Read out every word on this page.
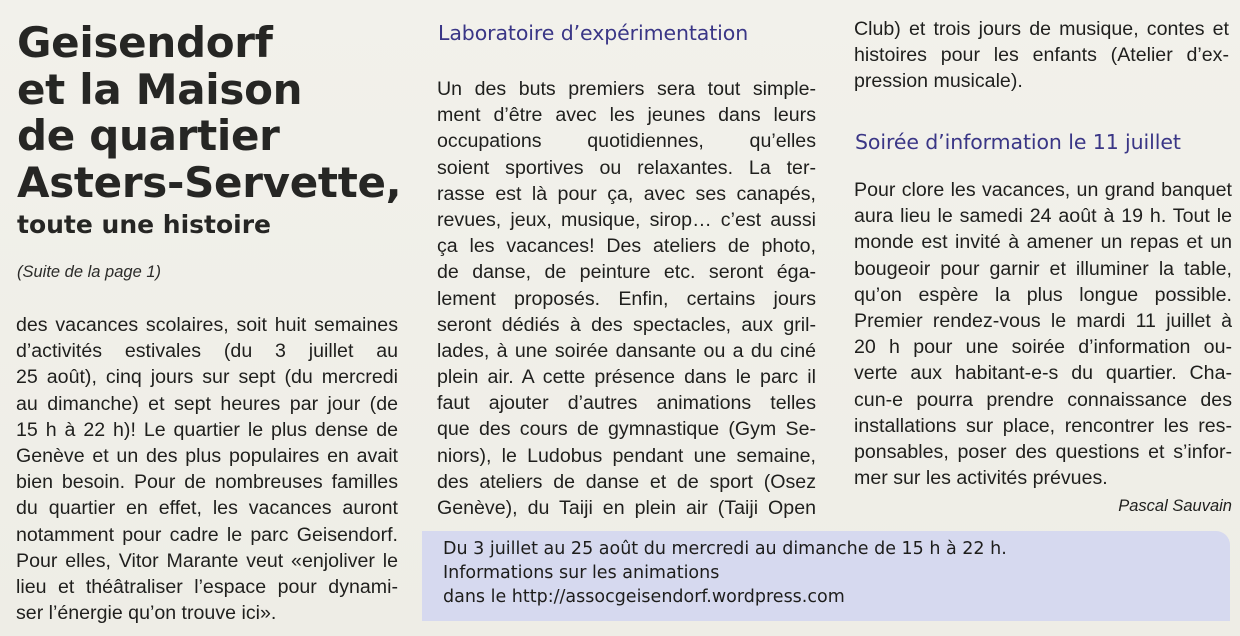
Geisendorf
et la Maison
de quartier
Asters-Servette,
toute une histoire
(Suite de la page 1)
des vacances scolaires, soit huit semaines
d’activités estivales (du 3 juillet au
25 août), cinq jours sur sept (du mercredi
au dimanche) et sept heures par jour (de
15 h à 22 h)! Le quartier le plus dense de
Genève et un des plus populaires en avait
bien besoin. Pour de nombreuses familles
du quartier en effet, les vacances auront
notamment pour cadre le parc Geisendorf.
Pour elles, Vitor Marante veut «enjoliver le
lieu et théâtraliser l’espace pour dynami-
ser l’énergie qu’on trouve ici».
Laboratoire d’expérimentation
Un des buts premiers sera tout simple-
ment d’être avec les jeunes dans leurs
occupations quotidiennes, qu’elles
soient sportives ou relaxantes. La ter-
rasse est là pour ça, avec ses canapés,
revues, jeux, musique, sirop… c’est aussi
ça les vacances! Des ateliers de photo,
de danse, de peinture etc. seront éga-
lement proposés. Enfin, certains jours
seront dédiés à des spectacles, aux gril-
lades, à une soirée dansante ou a du ciné
plein air. A cette présence dans le parc il
faut ajouter d’autres animations telles
que des cours de gymnastique (Gym Se-
niors), le Ludobus pendant une semaine,
des ateliers de danse et de sport (Osez
Genève), du Taiji en plein air (Taiji Open
Club) et trois jours de musique, contes et
histoires pour les enfants (Atelier d’ex-
pression musicale).
Soirée d’information le 11 juillet
Pour clore les vacances, un grand banquet
aura lieu le samedi 24 août à 19 h. Tout le
monde est invité à amener un repas et un
bougeoir pour garnir et illuminer la table,
qu’on espère la plus longue possible.
Premier rendez-vous le mardi 11 juillet à
20 h pour une soirée d’information ou-
verte aux habitant-e-s du quartier. Cha-
cun-e pourra prendre connaissance des
installations sur place, rencontrer les res-
ponsables, poser des questions et s’infor-
mer sur les activités prévues.
Pascal Sauvain
Du 3 juillet au 25 août du mercredi au dimanche de 15 h à 22 h.
Informations sur les animations
dans le http://assocgeisendorf.wordpress.com
